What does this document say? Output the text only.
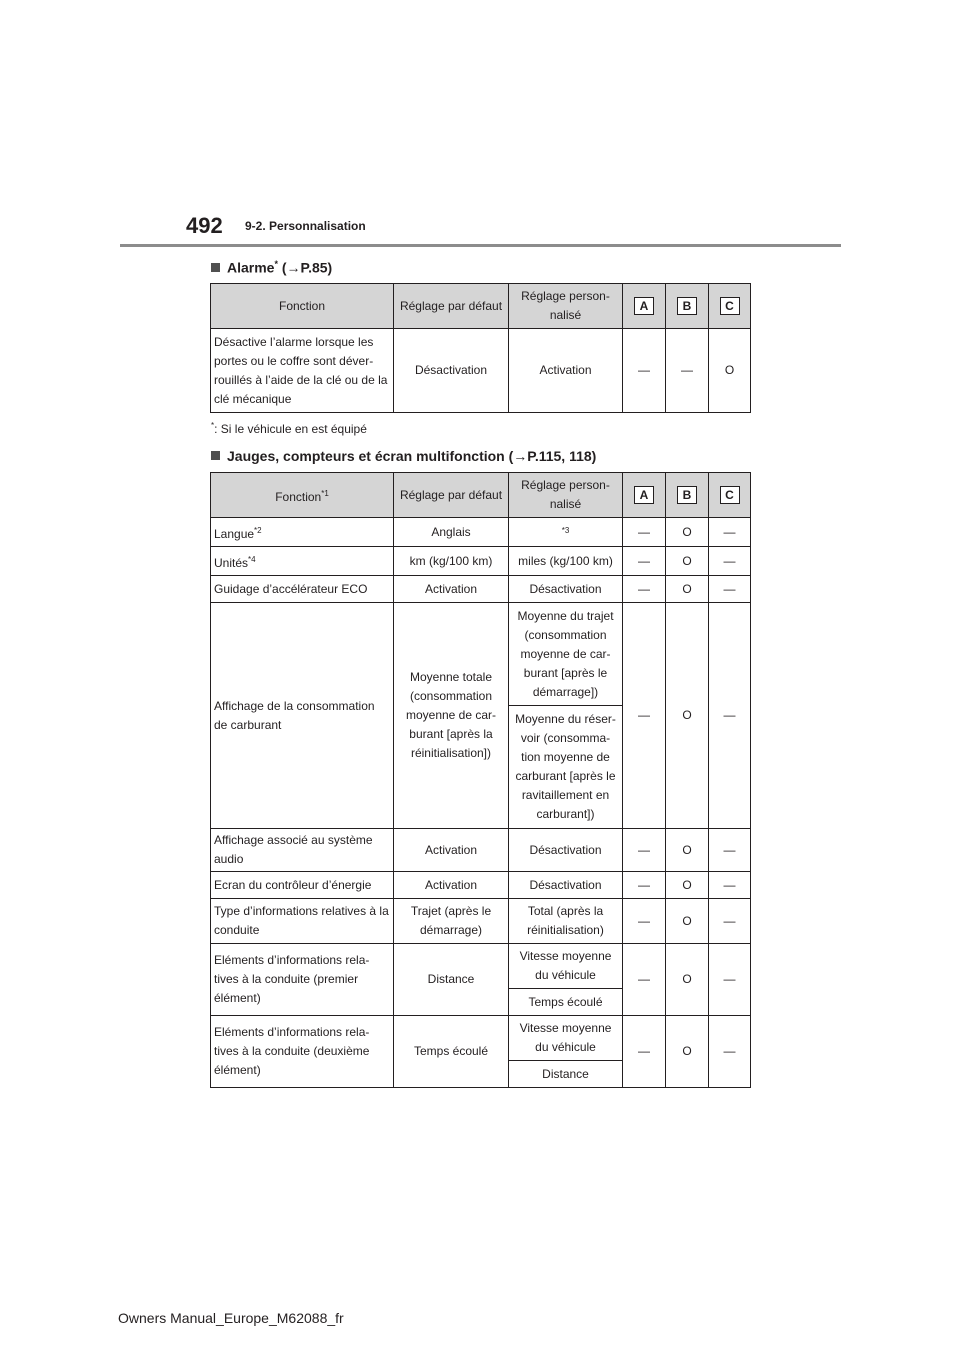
492 9-2. Personnalisation
Alarme* (→P.85)
Fonction	Réglage par défaut	Réglage person-nalisé	A	B	C
Désactive l’alarme lorsque les portes ou le coffre sont déver-rouillés à l’aide de la clé ou de la clé mécanique	Désactivation	Activation	—	—	O
*: Si le véhicule en est équipé
Jauges, compteurs et écran multifonction (→P.115, 118)
Fonction$^{*1}$	Réglage par défaut	Réglage person-nalisé	A	B	C
Langue$^{*2}$	Anglais	$^{*3}$	—	O	—
Unités$^{*4}$	km (kg/100 km)	miles (kg/100 km)	—	O	—
Guidage d’accélérateur ECO	Activation	Désactivation	—	O	—
Affichage de la consommation de carburant	Moyenne totale (consommation moyenne de car-burant [après la réinitialisation])	Moyenne du trajet (consommation moyenne de car-burant [après le démarrage])	—	O	—
		Moyenne du réser-voir (consomma-tion moyenne de carburant [après le ravitaillement en carburant])			
Affichage associé au système audio	Activation	Désactivation	—	O	—
Ecran du contrôleur d’énergie	Activation	Désactivation	—	O	—
Type d’informations relatives à la conduite	Trajet (après le démarrage)	Total (après la réinitialisation)	—	O	—
Eléments d’informations rela-tives à la conduite (premier élément)	Distance	Vitesse moyenne du véhicule	—	O	—
		Temps écoulé			
Eléments d’informations rela-tives à la conduite (deuxième élément)	Temps écoulé	Vitesse moyenne du véhicule	—	O	—
		Distance			
Owners Manual_Europe_M62088_fr
